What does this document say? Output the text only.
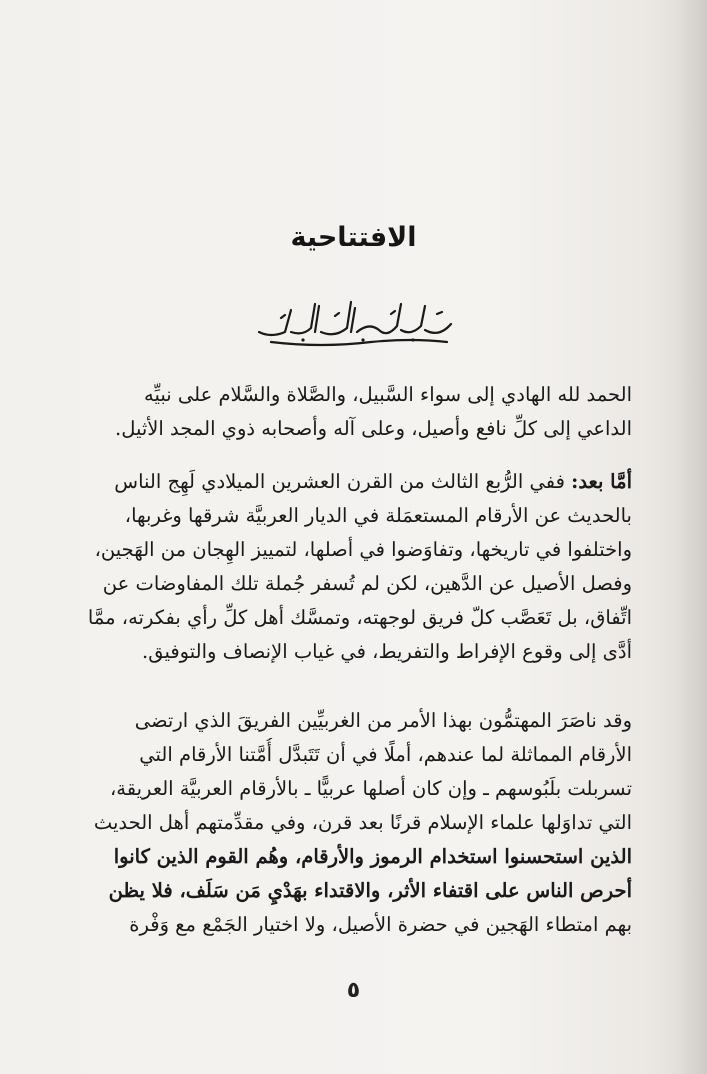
الافتتاحية
الحمد لله الهادي إلى سواء السَّبيل، والصَّلاة والسَّلام على نبيِّه
الداعي إلى كلِّ نافع وأصيل، وعلى آله وأصحابه ذوي المجد الأثيل.
أمَّا بعد: ففي الرُّبع الثالث من القرن العشرين الميلادي لَهِج الناس
بالحديث عن الأرقام المستعمَلة في الديار العربيَّة شرقها وغربها،
واختلفوا في تاريخها، وتفاوَضوا في أصلها، لتمييز الهِجان من الهَجين،
وفصل الأصيل عن الدَّهين، لكن لم تُسفر جُملة تلك المفاوضات عن
اتِّفاق، بل تَعَصَّب كلّ فريق لوجهته، وتمسَّك أهل كلِّ رأي بفكرته، ممَّا
أدَّى إلى وقوع الإفراط والتفريط، في غياب الإنصاف والتوفيق.
وقد ناصَرَ المهتمُّون بهذا الأمر من الغربيِّين الفريقَ الذي ارتضى
الأرقام المماثلة لما عندهم، أملًا في أن تَتَبدَّل أُمَّتنا الأرقام التي
تسربلت بلَبُوسهم ـ وإن كان أصلها عربيًّا ـ بالأرقام العربيَّة العريقة،
التي تداوَلها علماء الإسلام قرنًا بعد قرن، وفي مقدِّمتهم أهل الحديث
الذين استحسنوا استخدام الرموز والأرقام، وهُم القوم الذين كانوا
أحرص الناس على اقتفاء الأثر، والاقتداء بهَدْيِ مَن سَلَف، فلا يظن
بهم امتطاء الهَجين في حضرة الأصيل، ولا اختيار الجَمْع مع وَفْرة
٥
